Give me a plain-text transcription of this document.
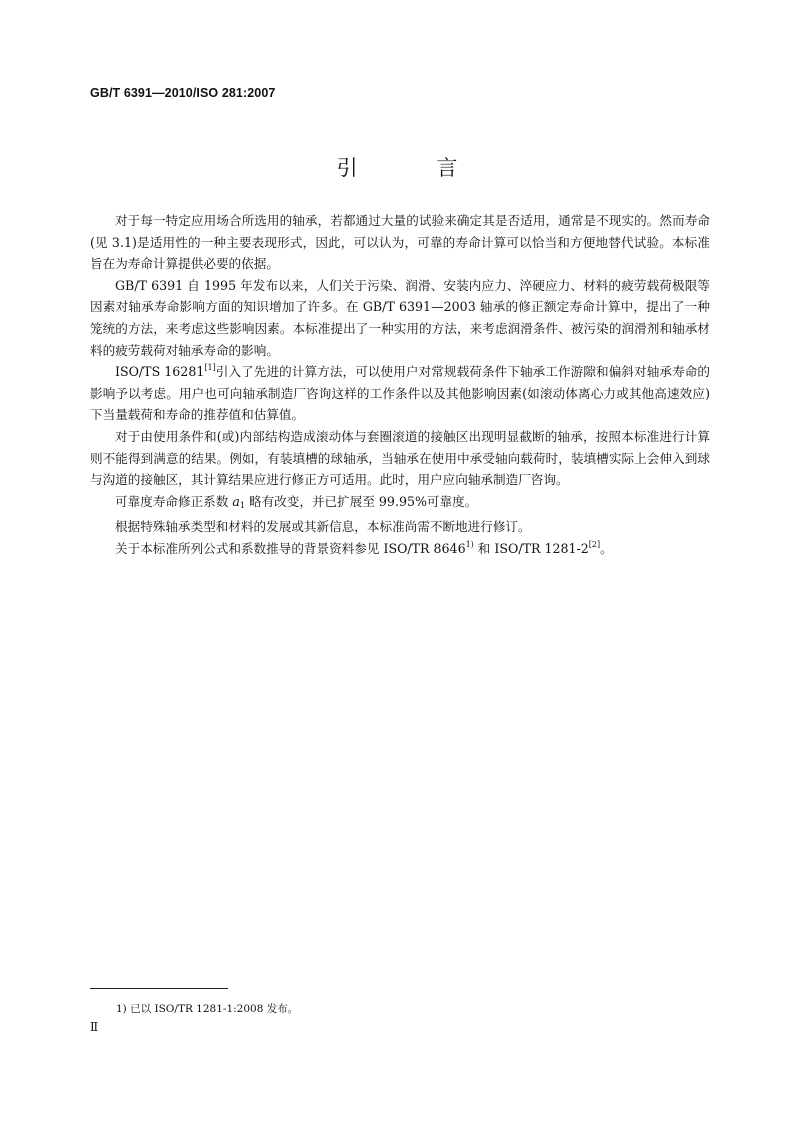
GB/T 6391—2010/ISO 281:2007
引 言

对于每一特定应用场合所选用的轴承，若都通过大量的试验来确定其是否适用，通常是不现实的。然而寿命(见 3.1)是适用性的一种主要表现形式，因此，可以认为，可靠的寿命计算可以恰当和方便地替代试验。本标准旨在为寿命计算提供必要的依据。

GB/T 6391 自 1995 年发布以来，人们关于污染、润滑、安装内应力、淬硬应力、材料的疲劳载荷极限等因素对轴承寿命影响方面的知识增加了许多。在 GB/T 6391—2003 轴承的修正额定寿命计算中，提出了一种笼统的方法，来考虑这些影响因素。本标准提出了一种实用的方法，来考虑润滑条件、被污染的润滑剂和轴承材料的疲劳载荷对轴承寿命的影响。

ISO/TS 16281[1]引入了先进的计算方法，可以使用户对常规载荷条件下轴承工作游隙和偏斜对轴承寿命的影响予以考虑。用户也可向轴承制造厂咨询这样的工作条件以及其他影响因素(如滚动体离心力或其他高速效应)下当量载荷和寿命的推荐值和估算值。

对于由使用条件和(或)内部结构造成滚动体与套圈滚道的接触区出现明显截断的轴承，按照本标准进行计算则不能得到满意的结果。例如，有装填槽的球轴承，当轴承在使用中承受轴向载荷时，装填槽实际上会伸入到球与沟道的接触区，其计算结果应进行修正方可适用。此时，用户应向轴承制造厂咨询。

可靠度寿命修正系数 $a_1$ 略有改变，并已扩展至 99.95%可靠度。

根据特殊轴承类型和材料的发展或其新信息，本标准尚需不断地进行修订。

关于本标准所列公式和系数推导的背景资料参见 ISO/TR 8646$^{1)}$ 和 ISO/TR 1281-2[2]。

1) 已以 ISO/TR 1281-1:2008 发布。
Ⅱ
